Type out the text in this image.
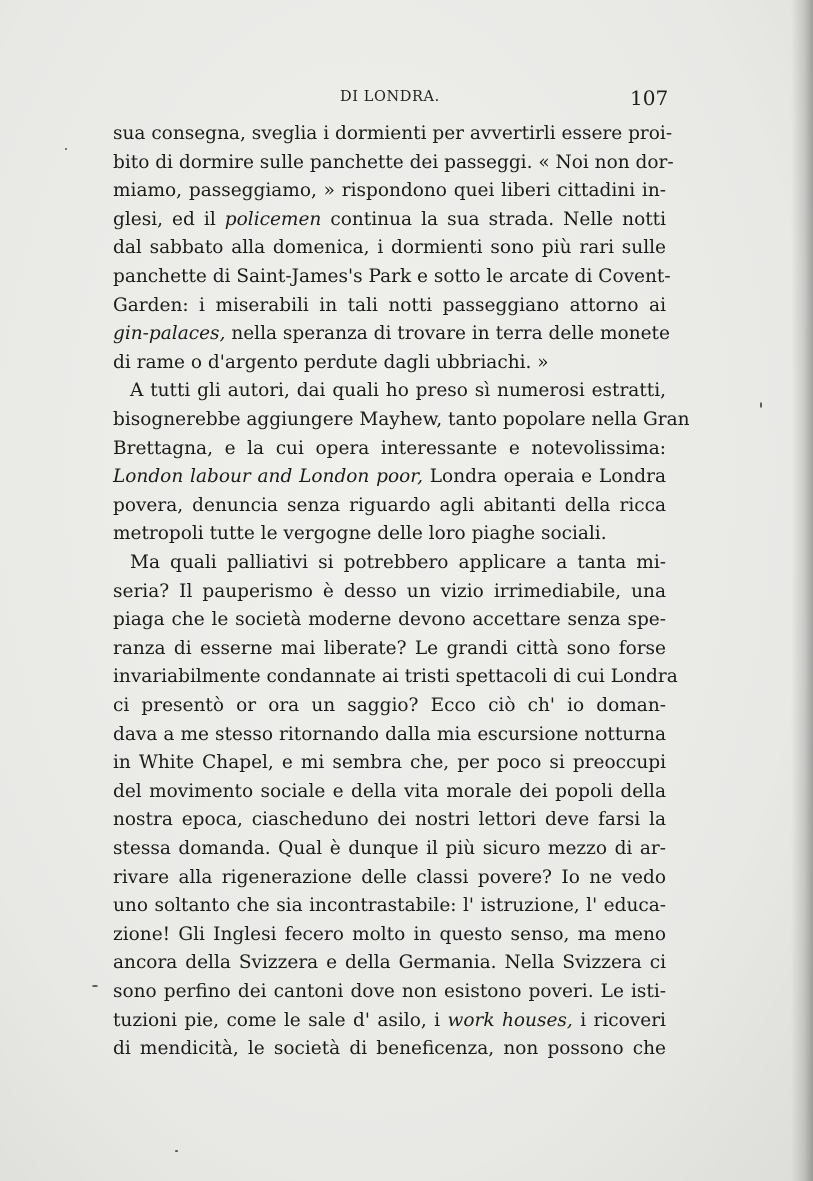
DI LONDRA.	107
sua consegna, sveglia i dormienti per avvertirli essere proi-
bito di dormire sulle panchette dei passeggi. « Noi non dor-
miamo, passeggiamo, » rispondono quei liberi cittadini in-
glesi, ed il policemen continua la sua strada. Nelle notti
dal sabbato alla domenica, i dormienti sono più rari sulle
panchette di Saint-James's Park e sotto le arcate di Covent-
Garden: i miserabili in tali notti passeggiano attorno ai
gin-palaces, nella speranza di trovare in terra delle monete
di rame o d'argento perdute dagli ubbriachi. »
A tutti gli autori, dai quali ho preso sì numerosi estratti,
bisognerebbe aggiungere Mayhew, tanto popolare nella Gran
Brettagna, e la cui opera interessante e notevolissima:
London labour and London poor, Londra operaia e Londra
povera, denuncia senza riguardo agli abitanti della ricca
metropoli tutte le vergogne delle loro piaghe sociali.
Ma quali palliativi si potrebbero applicare a tanta mi-
seria? Il pauperismo è desso un vizio irrimediabile, una
piaga che le società moderne devono accettare senza spe-
ranza di esserne mai liberate? Le grandi città sono forse
invariabilmente condannate ai tristi spettacoli di cui Londra
ci presentò or ora un saggio? Ecco ciò ch' io doman-
dava a me stesso ritornando dalla mia escursione notturna
in White Chapel, e mi sembra che, per poco si preoccupi
del movimento sociale e della vita morale dei popoli della
nostra epoca, ciascheduno dei nostri lettori deve farsi la
stessa domanda. Qual è dunque il più sicuro mezzo di ar-
rivare alla rigenerazione delle classi povere? Io ne vedo
uno soltanto che sia incontrastabile: l' istruzione, l' educa-
zione! Gli Inglesi fecero molto in questo senso, ma meno
ancora della Svizzera e della Germania. Nella Svizzera ci
sono perfino dei cantoni dove non esistono poveri. Le isti-
tuzioni pie, come le sale d' asilo, i work houses, i ricoveri
di mendicità, le società di beneficenza, non possono che
